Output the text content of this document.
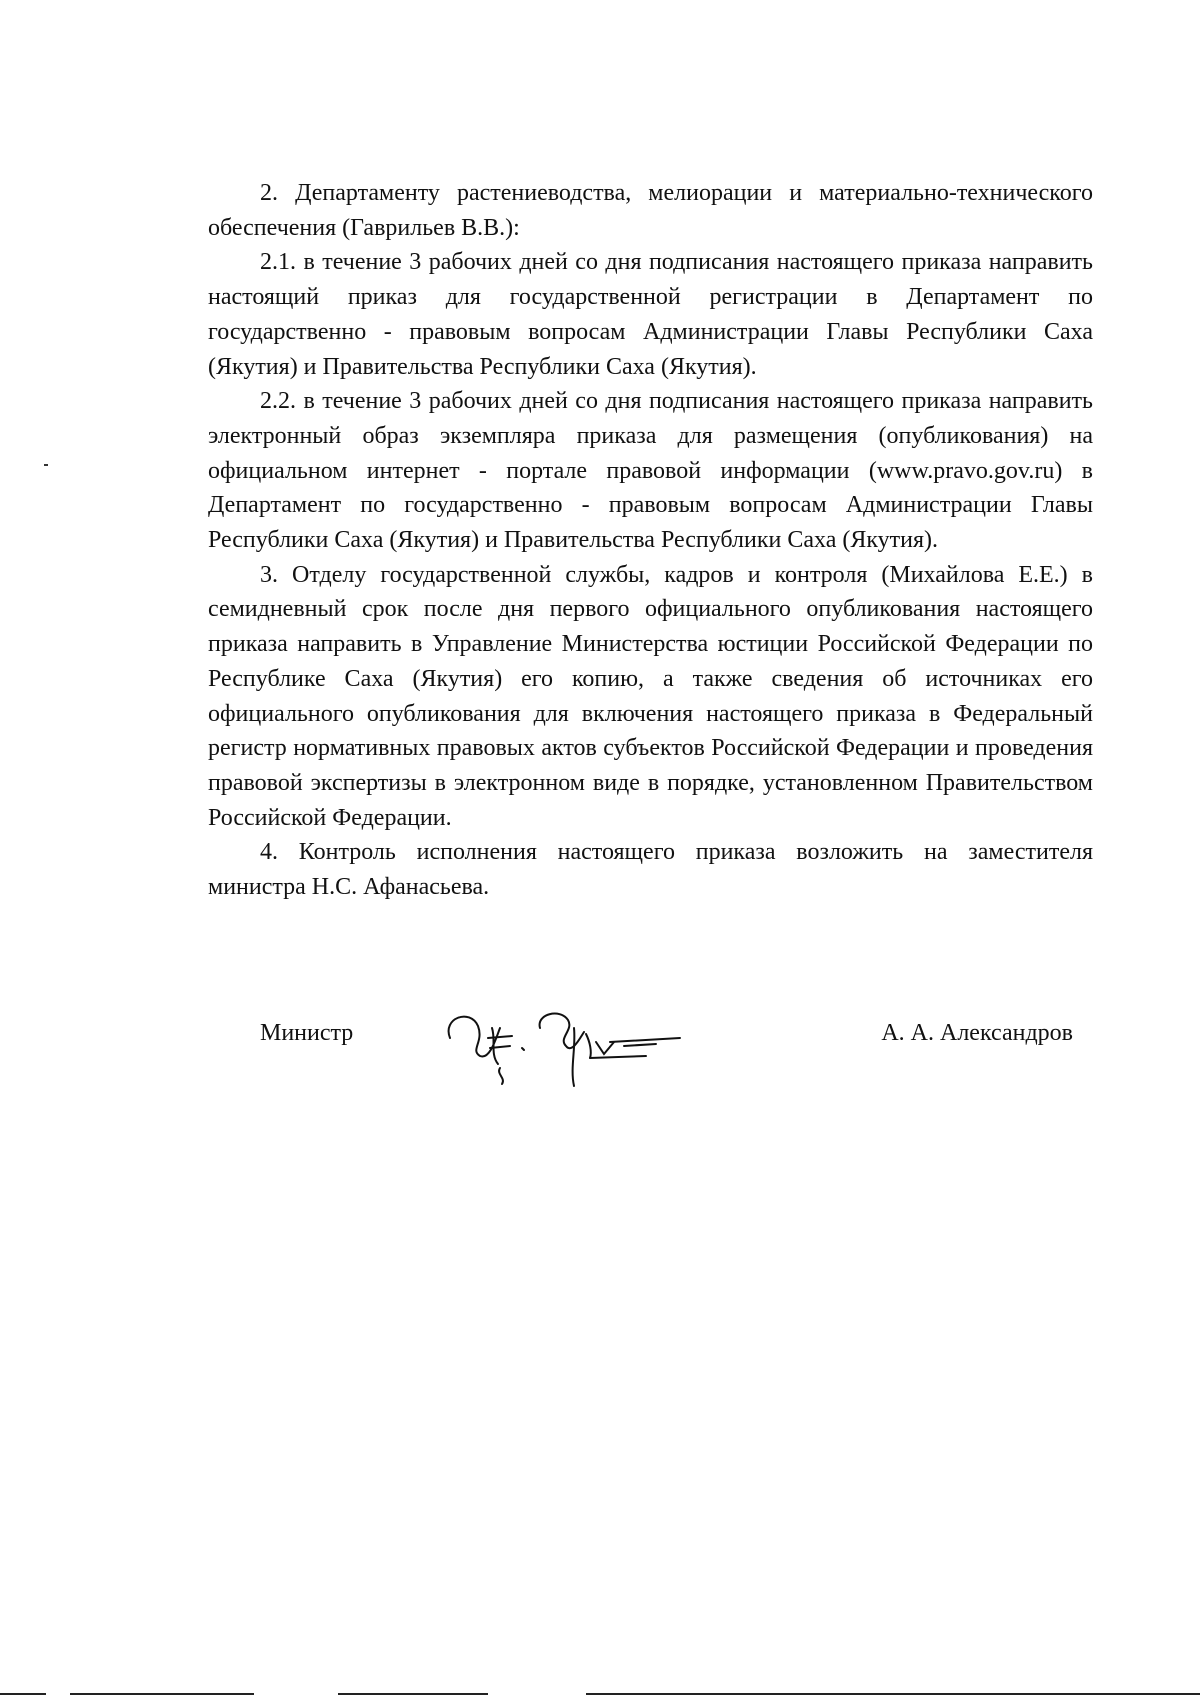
2. Департаменту растениеводства, мелиорации и материально-технического обеспечения (Гаврильев В.В.):

2.1. в течение 3 рабочих дней со дня подписания настоящего приказа направить настоящий приказ для государственной регистрации в Департамент по государственно - правовым вопросам Администрации Главы Республики Саха (Якутия) и Правительства Республики Саха (Якутия).

2.2. в течение 3 рабочих дней со дня подписания настоящего приказа направить электронный образ экземпляра приказа для размещения (опубликования) на официальном интернет - портале правовой информации (www.pravo.gov.ru) в Департамент по государственно - правовым вопросам Администрации Главы Республики Саха (Якутия) и Правительства Республики Саха (Якутия).

3. Отделу государственной службы, кадров и контроля (Михайлова Е.Е.) в семидневный срок после дня первого официального опубликования настоящего приказа направить в Управление Министерства юстиции Российской Федерации по Республике Саха (Якутия) его копию, а также сведения об источниках его официального опубликования для включения настоящего приказа в Федеральный регистр нормативных правовых актов субъектов Российской Федерации и проведения правовой экспертизы в электронном виде в порядке, установленном Правительством Российской Федерации.

4. Контроль исполнения настоящего приказа возложить на заместителя министра Н.С. Афанасьева.

Министр	А. А. Александров
